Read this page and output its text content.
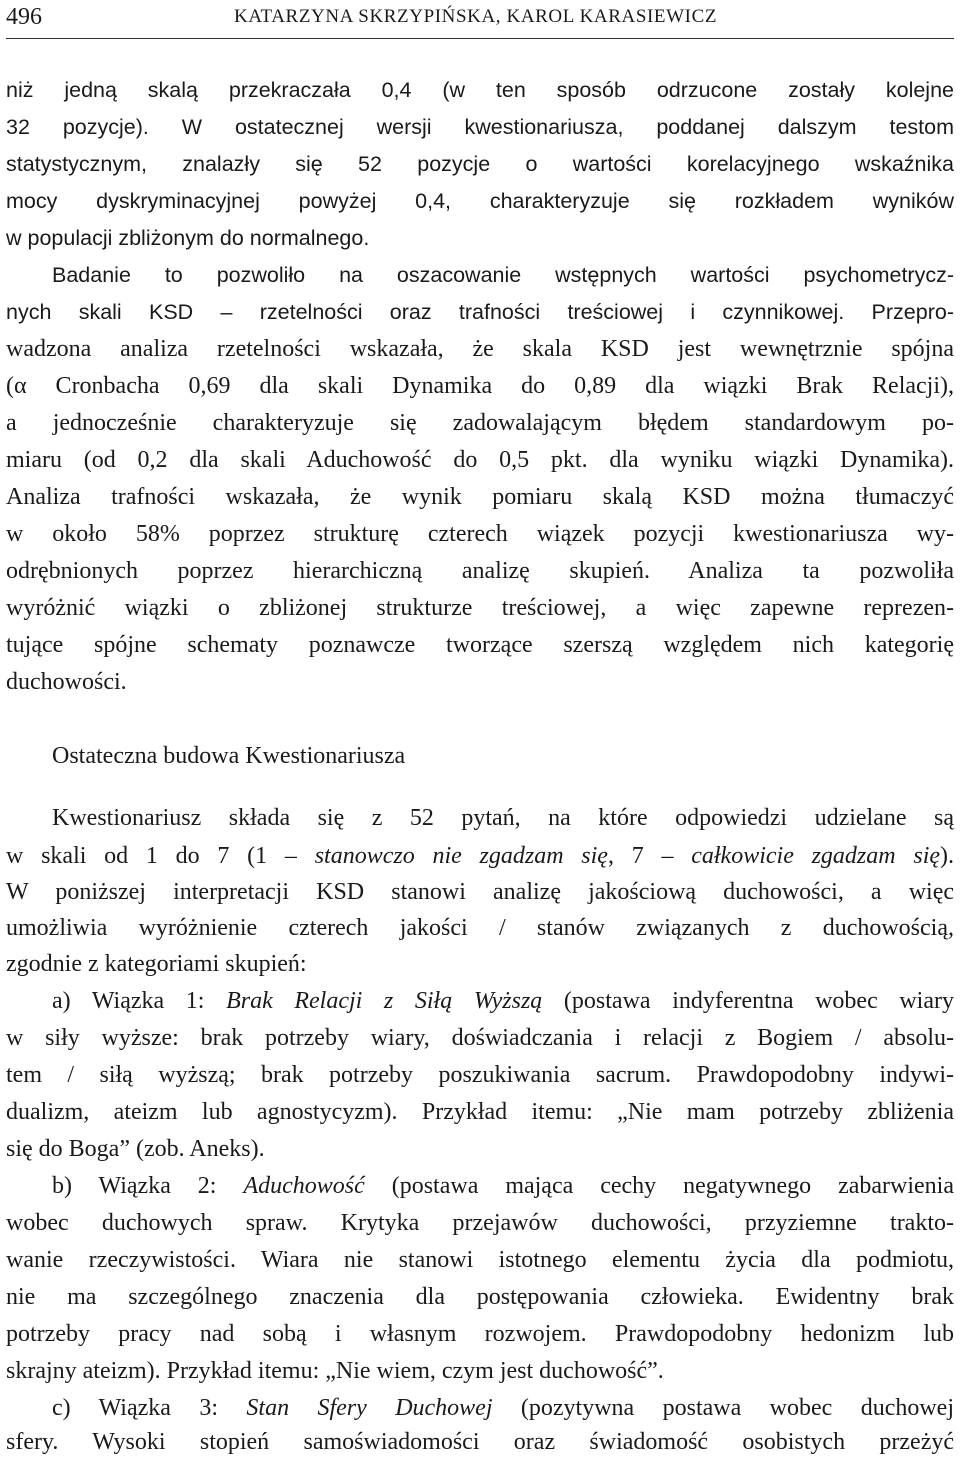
496	KATARZYNA SKRZYPIŃSKA, KAROL KARASIEWICZ
niż jedną skalą przekraczała 0,4 (w ten sposób odrzucone zostały kolejne
32 pozycje). W ostatecznej wersji kwestionariusza, poddanej dalszym testom
statystycznym, znalazły się 52 pozycje o wartości korelacyjnego wskaźnika
mocy dyskryminacyjnej powyżej 0,4, charakteryzuje się rozkładem wyników
w populacji zbliżonym do normalnego.
Badanie to pozwoliło na oszacowanie wstępnych wartości psychometrycz-
nych skali KSD – rzetelności oraz trafności treściowej i czynnikowej. Przepro-
wadzona analiza rzetelności wskazała, że skala KSD jest wewnętrznie spójna
(α Cronbacha 0,69 dla skali Dynamika do 0,89 dla wiązki Brak Relacji),
a jednocześnie charakteryzuje się zadowalającym błędem standardowym po-
miaru (od 0,2 dla skali Aduchowość do 0,5 pkt. dla wyniku wiązki Dynamika).
Analiza trafności wskazała, że wynik pomiaru skalą KSD można tłumaczyć
w około 58% poprzez strukturę czterech wiązek pozycji kwestionariusza wy-
odrębnionych poprzez hierarchiczną analizę skupień. Analiza ta pozwoliła
wyróżnić wiązki o zbliżonej strukturze treściowej, a więc zapewne reprezen-
tujące spójne schematy poznawcze tworzące szerszą względem nich kategorię
duchowości.
Ostateczna budowa Kwestionariusza
Kwestionariusz składa się z 52 pytań, na które odpowiedzi udzielane są
w skali od 1 do 7 (1 – stanowczo nie zgadzam się, 7 – całkowicie zgadzam się).
W poniższej interpretacji KSD stanowi analizę jakościową duchowości, a więc
umożliwia wyróżnienie czterech jakości / stanów związanych z duchowością,
zgodnie z kategoriami skupień:
a) Wiązka 1: Brak Relacji z Siłą Wyższą (postawa indyferentna wobec wiary
w siły wyższe: brak potrzeby wiary, doświadczania i relacji z Bogiem / absolu-
tem / siłą wyższą; brak potrzeby poszukiwania sacrum. Prawdopodobny indywi-
dualizm, ateizm lub agnostycyzm). Przykład itemu: „Nie mam potrzeby zbliżenia
się do Boga” (zob. Aneks).
b) Wiązka 2: Aduchowość (postawa mająca cechy negatywnego zabarwienia
wobec duchowych spraw. Krytyka przejawów duchowości, przyziemne trakto-
wanie rzeczywistości. Wiara nie stanowi istotnego elementu życia dla podmiotu,
nie ma szczególnego znaczenia dla postępowania człowieka. Ewidentny brak
potrzeby pracy nad sobą i własnym rozwojem. Prawdopodobny hedonizm lub
skrajny ateizm). Przykład itemu: „Nie wiem, czym jest duchowość”.
c) Wiązka 3: Stan Sfery Duchowej (pozytywna postawa wobec duchowej
sfery. Wysoki stopień samoświadomości oraz świadomość osobistych przeżyć
